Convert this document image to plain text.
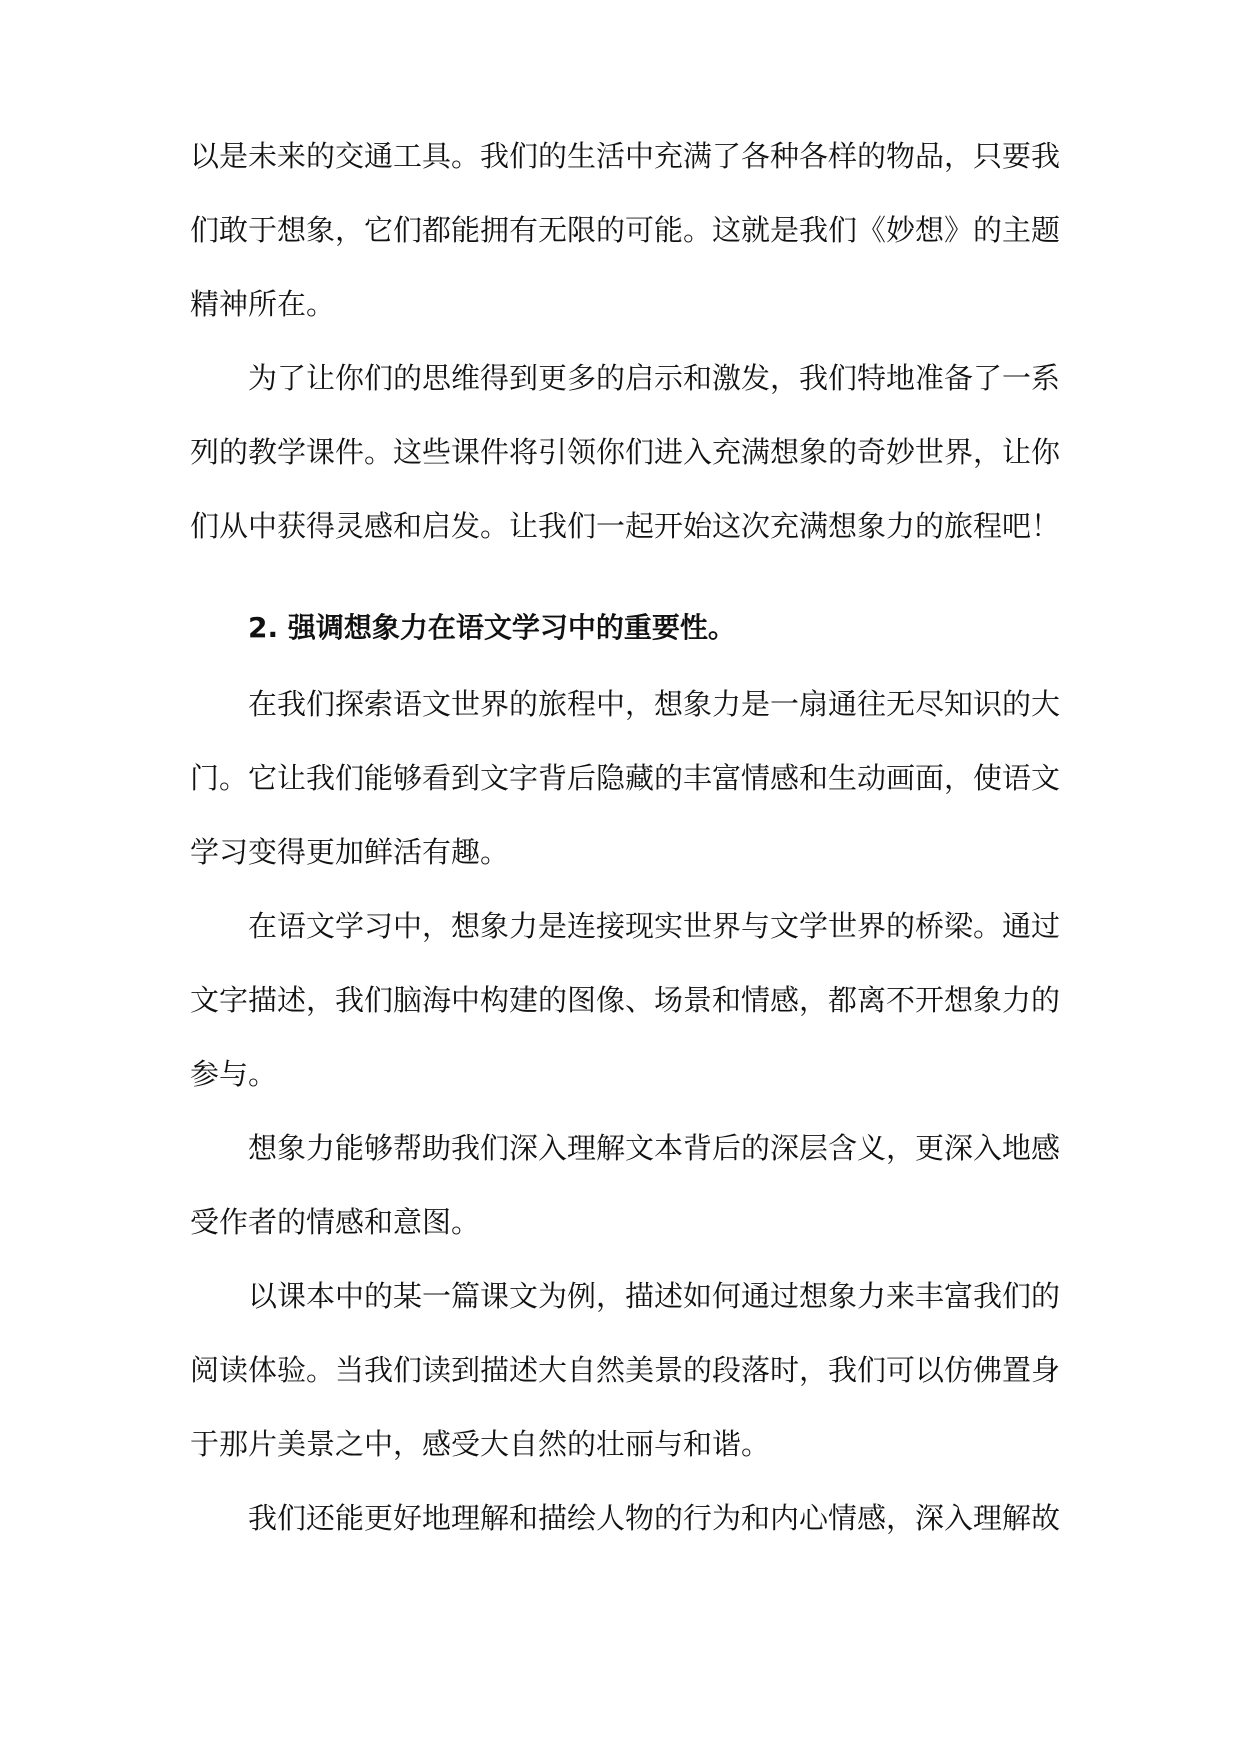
以是未来的交通工具。我们的生活中充满了各种各样的物品，只要我
们敢于想象，它们都能拥有无限的可能。这就是我们《妙想》的主题
精神所在。
为了让你们的思维得到更多的启示和激发，我们特地准备了一系
列的教学课件。这些课件将引领你们进入充满想象的奇妙世界，让你
们从中获得灵感和启发。让我们一起开始这次充满想象力的旅程吧！
2. 强调想象力在语文学习中的重要性。
在我们探索语文世界的旅程中，想象力是一扇通往无尽知识的大
门。它让我们能够看到文字背后隐藏的丰富情感和生动画面，使语文
学习变得更加鲜活有趣。
在语文学习中，想象力是连接现实世界与文学世界的桥梁。通过
文字描述，我们脑海中构建的图像、场景和情感，都离不开想象力的
参与。
想象力能够帮助我们深入理解文本背后的深层含义，更深入地感
受作者的情感和意图。
以课本中的某一篇课文为例，描述如何通过想象力来丰富我们的
阅读体验。当我们读到描述大自然美景的段落时，我们可以仿佛置身
于那片美景之中，感受大自然的壮丽与和谐。
我们还能更好地理解和描绘人物的行为和内心情感，深入理解故
